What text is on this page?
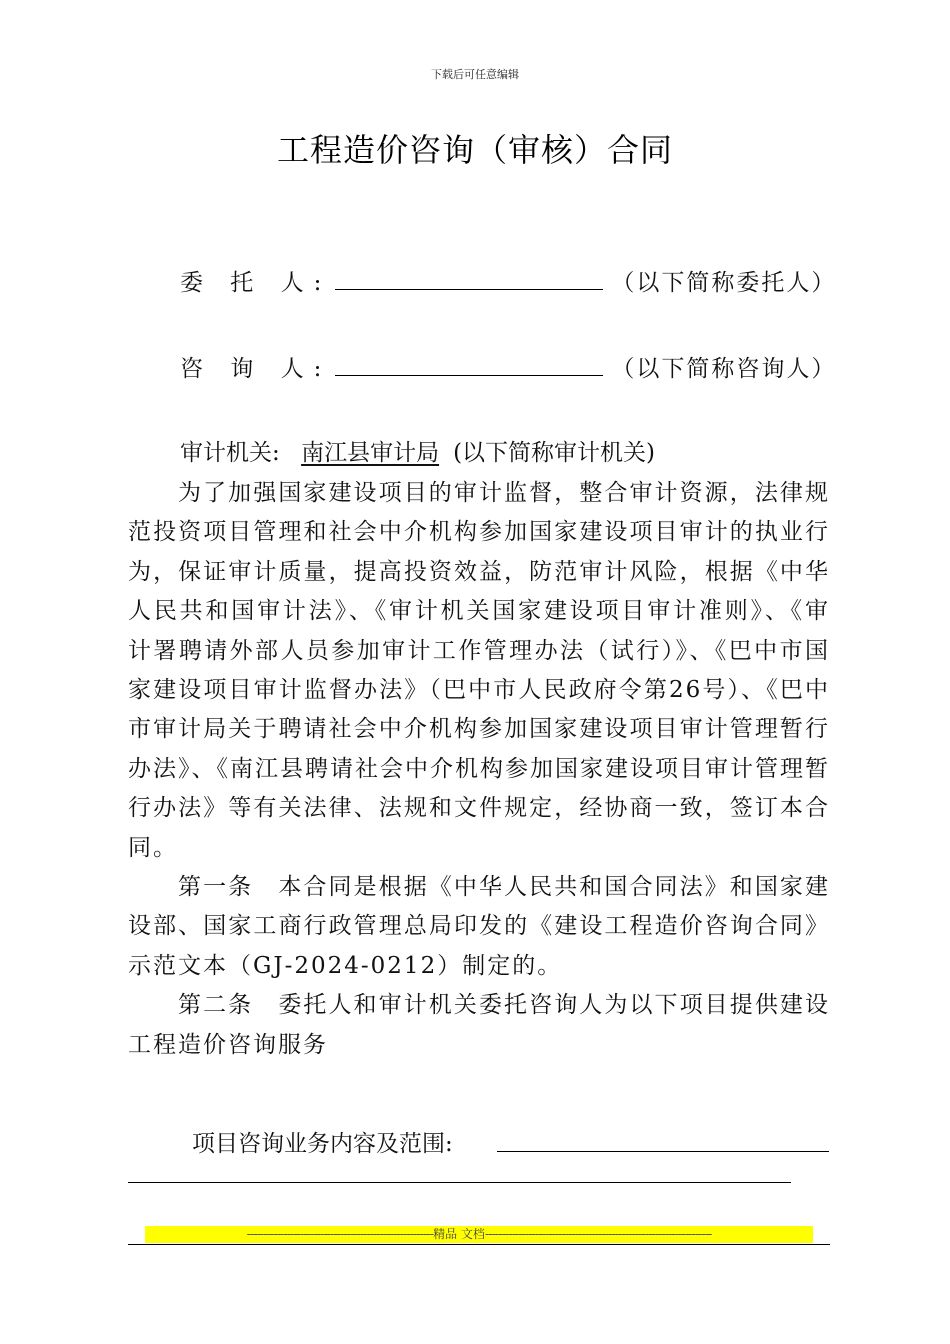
下载后可任意编辑
工程造价咨询（审核）合同
委 托 人:	（以下简称委托人）
咨 询 人:	（以下简称咨询人）
审计机关: 南江县审计局 (以下简称审计机关)

为了加强国家建设项目的审计监督，整合审计资源，法律规范投资项目管理和社会中介机构参加国家建设项目审计的执业行为，保证审计质量，提高投资效益，防范审计风险，根据《中华人民共和国审计法》、《审计机关国家建设项目审计准则》、《审计署聘请外部人员参加审计工作管理办法（试行）》、《巴中市国家建设项目审计监督办法》（巴中市人民政府令第26号）、《巴中市审计局关于聘请社会中介机构参加国家建设项目审计管理暂行办法》、《南江县聘请社会中介机构参加国家建设项目审计管理暂行办法》等有关法律、法规和文件规定，经协商一致，签订本合同。

第一条　本合同是根据《中华人民共和国合同法》和国家建设部、国家工商行政管理总局印发的《建设工程造价咨询合同》示范文本（GJ-2024-0212）制定的。

第二条　委托人和审计机关委托咨询人为以下项目提供建设工程造价咨询服务

项目咨询业务内容及范围:
--------------------------------------------------------精品 文档--------------------------------------------------------------------
